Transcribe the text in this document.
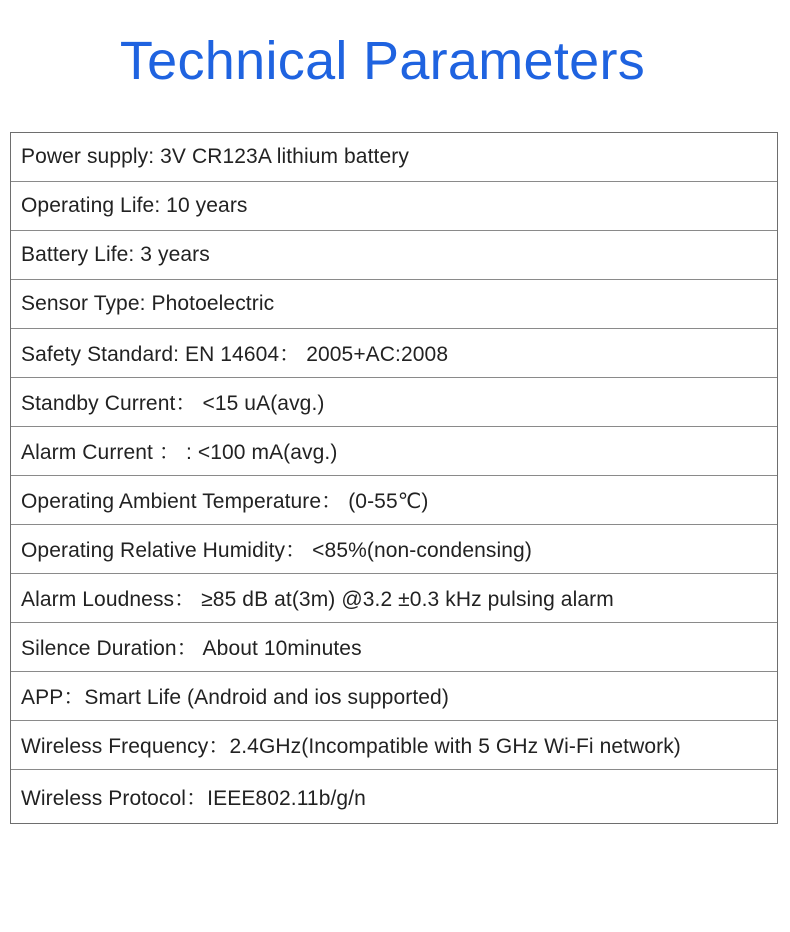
Technical Parameters
Power supply: 3V CR123A lithium battery
Operating Life: 10 years
Battery Life: 3 years
Sensor Type: Photoelectric
Safety Standard: EN 14604： 2005+AC:2008
Standby Current： <15 uA(avg.)
Alarm Current ： : <100 mA(avg.)
Operating Ambient Temperature： (0-55℃)
Operating Relative Humidity： <85%(non-condensing)
Alarm Loudness： ≥85 dB at(3m) @3.2 ±0.3 kHz pulsing alarm
Silence Duration： About 10minutes
APP：Smart Life (Android and ios supported)
Wireless Frequency：2.4GHz(Incompatible with 5 GHz Wi-Fi network)
Wireless Protocol：IEEE802.11b/g/n
